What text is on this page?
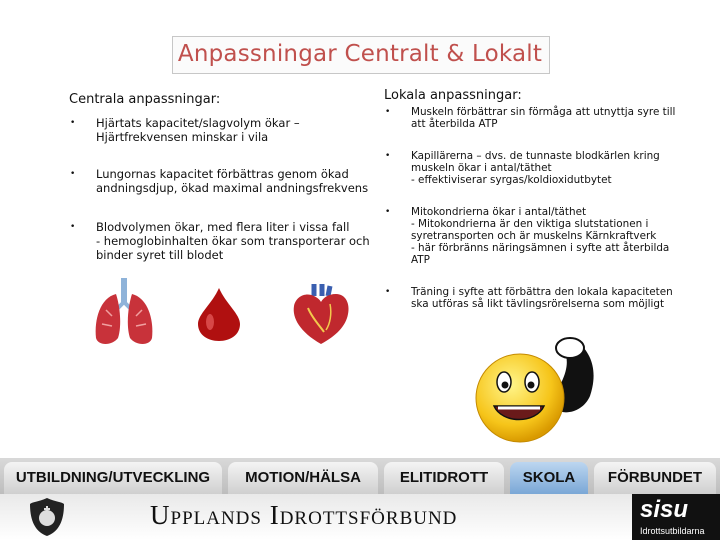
Anpassningar Centralt & Lokalt
Centrala anpassningar:
• Hjärtats kapacitet/slagvolym ökar –
Hjärtfrekvensen minskar i vila
• Lungornas kapacitet förbättras genom ökad
andningsdjup, ökad maximal andningsfrekvens
• Blodvolymen ökar, med flera liter i vissa fall
- hemoglobinhalten ökar som transporterar och
binder syret till blodet
Lokala anpassningar:
• Muskeln förbättrar sin förmåga att utnyttja syre till
att återbilda ATP
• Kapillärerna – dvs. de tunnaste blodkärlen kring
muskeln ökar i antal/täthet
- effektiviserar syrgas/koldioxidutbytet
• Mitokondrierna ökar i antal/täthet
- Mitokondrierna är den viktiga slutstationen i
syretransporten och är muskelns Kärnkraftverk
- här förbränns näringsämnen i syfte att återbilda
ATP
• Träning i syfte att förbättra den lokala kapaciteten
ska utföras så likt tävlingsrörelserna som möjligt
UTBILDNING/UTVECKLING	MOTION/HÄLSA	ELITIDROTT	SKOLA	FÖRBUNDET
Upplands Idrottsförbund	sisu
Idrottsutbildarna
